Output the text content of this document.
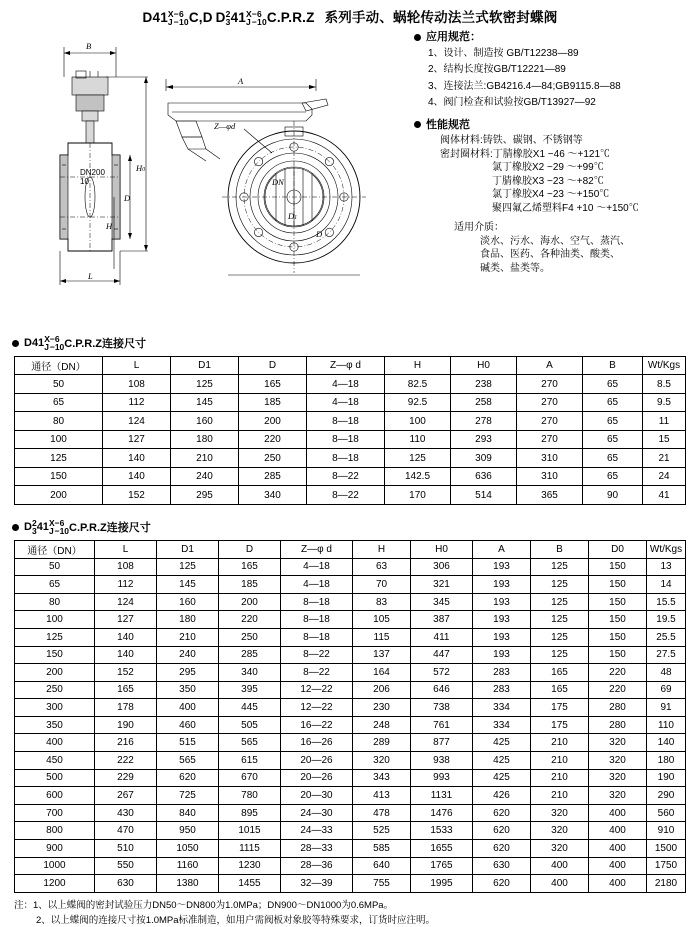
D41 X
J
−6
−10 C,D D 2
3 41 X
J
−6
−10 C.P.R.Z 系列手动、蜗轮传动法兰式软密封蝶阀
B
DN200
10
D
H0
H
L
A
DN
D1
D
Z—φd
应用规范：
1、设计、制造按 GB/T12238—89
2、结构长度按GB/T12221—89
3、连接法兰:GB4216.4—84;GB9115.8—88
4、阀门检查和试验按GB/T13927—92
性能规范
阀体材料:铸铁、碳钢、不锈钢等
密封圈材料:丁腈橡胶X1 −46 ～+121℃
氯丁橡胶X2 −29 ～+99℃
丁腈橡胶X3 −23 ～+82℃
氯丁橡胶X4 −23 ～+150℃
聚四氟乙烯塑料F4 +10 ～+150℃
适用介质：
淡水、污水、海水、空气、蒸汽、
食品、医药、各种油类、酸类、
碱类、盐类等。
D41 X
J
−6
−10 C.P.R.Z连接尺寸
通径（DN）	L	D1	D	Z—φ d	H	H0	A	B	Wt/Kgs
50	108	125	165	4—18	82.5	238	270	65	8.5
65	112	145	185	4—18	92.5	258	270	65	9.5
80	124	160	200	8—18	100	278	270	65	11
100	127	180	220	8—18	110	293	270	65	15
125	140	210	250	8—18	125	309	310	65	21
150	140	240	285	8—22	142.5	636	310	65	24
200	152	295	340	8—22	170	514	365	90	41
D 2
3 41 X
J
−6
−10 C.P.R.Z连接尺寸
通径（DN）	L	D1	D	Z—φ d	H	H0	A	B	D0	Wt/Kgs
50	108	125	165	4—18	63	306	193	125	150	13
65	112	145	185	4—18	70	321	193	125	150	14
80	124	160	200	8—18	83	345	193	125	150	15.5
100	127	180	220	8—18	105	387	193	125	150	19.5
125	140	210	250	8—18	115	411	193	125	150	25.5
150	140	240	285	8—22	137	447	193	125	150	27.5
200	152	295	340	8—22	164	572	283	165	220	48
250	165	350	395	12—22	206	646	283	165	220	69
300	178	400	445	12—22	230	738	334	175	280	91
350	190	460	505	16—22	248	761	334	175	280	110
400	216	515	565	16—26	289	877	425	210	320	140
450	222	565	615	20—26	320	938	425	210	320	180
500	229	620	670	20—26	343	993	425	210	320	190
600	267	725	780	20—30	413	1131	426	210	320	290
700	430	840	895	24—30	478	1476	620	320	400	560
800	470	950	1015	24—33	525	1533	620	320	400	910
900	510	1050	1115	28—33	585	1655	620	320	400	1500
1000	550	1160	1230	28—36	640	1765	630	400	400	1750
1200	630	1380	1455	32—39	755	1995	620	400	400	2180
注：1、以上蝶阀的密封试验压力DN50～DN800为1.0MPa；DN900～DN1000为0.6MPa。
2、以上蝶阀的连接尺寸按1.0MPa标准制造，如用户需阀板对象胶等特殊要求，订货时应注明。
